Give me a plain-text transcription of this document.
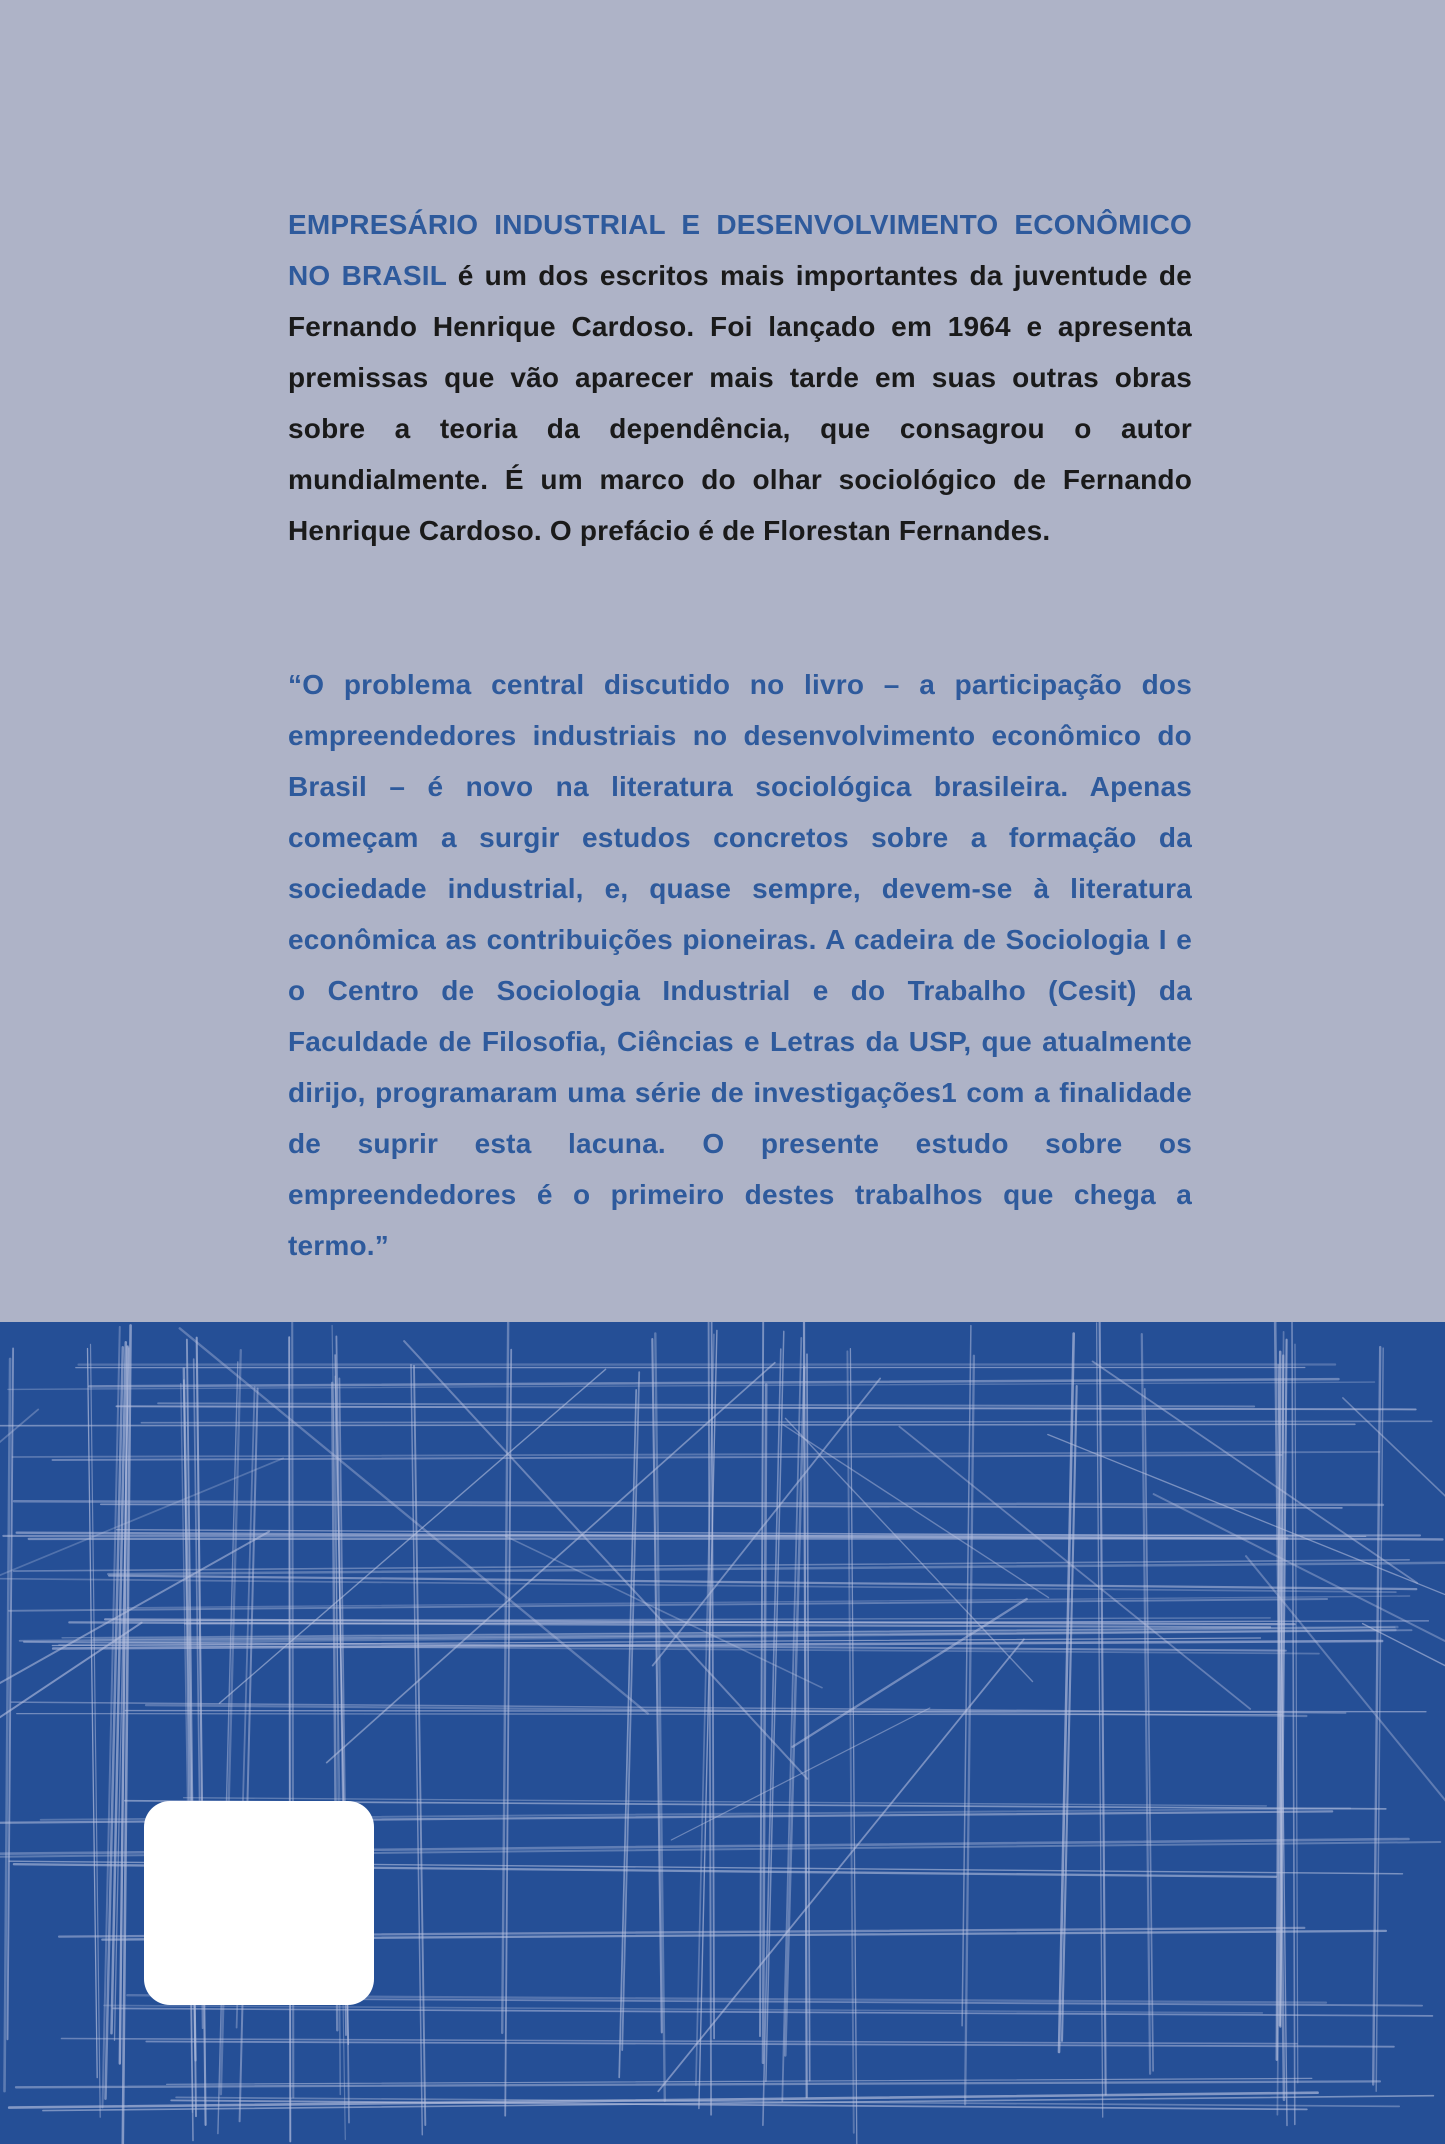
EMPRESÁRIO INDUSTRIAL E DESENVOLVIMENTO ECONÔMICO NO BRASIL é um dos escritos mais importantes da juventude de Fernando Henrique Cardoso. Foi lançado em 1964 e apresenta premissas que vão aparecer mais tarde em suas outras obras sobre a teoria da dependência, que consagrou o autor mundialmente. É um marco do olhar sociológico de Fernando Henrique Cardoso. O prefácio é de Florestan Fernandes.

“O problema central discutido no livro – a participação dos empreendedores industriais no desenvolvimento econômico do Brasil – é novo na literatura sociológica brasileira. Apenas começam a surgir estudos concretos sobre a formação da sociedade industrial, e, quase sempre, devem-se à literatura econômica as contribuições pioneiras. A cadeira de Sociologia I e o Centro de Sociologia Industrial e do Trabalho (Cesit) da Faculdade de Filosofia, Ciências e Letras da USP, que atualmente dirijo, programaram uma série de investigações1 com a finalidade de suprir esta lacuna. O presente estudo sobre os empreendedores é o primeiro destes trabalhos que chega a termo.”
